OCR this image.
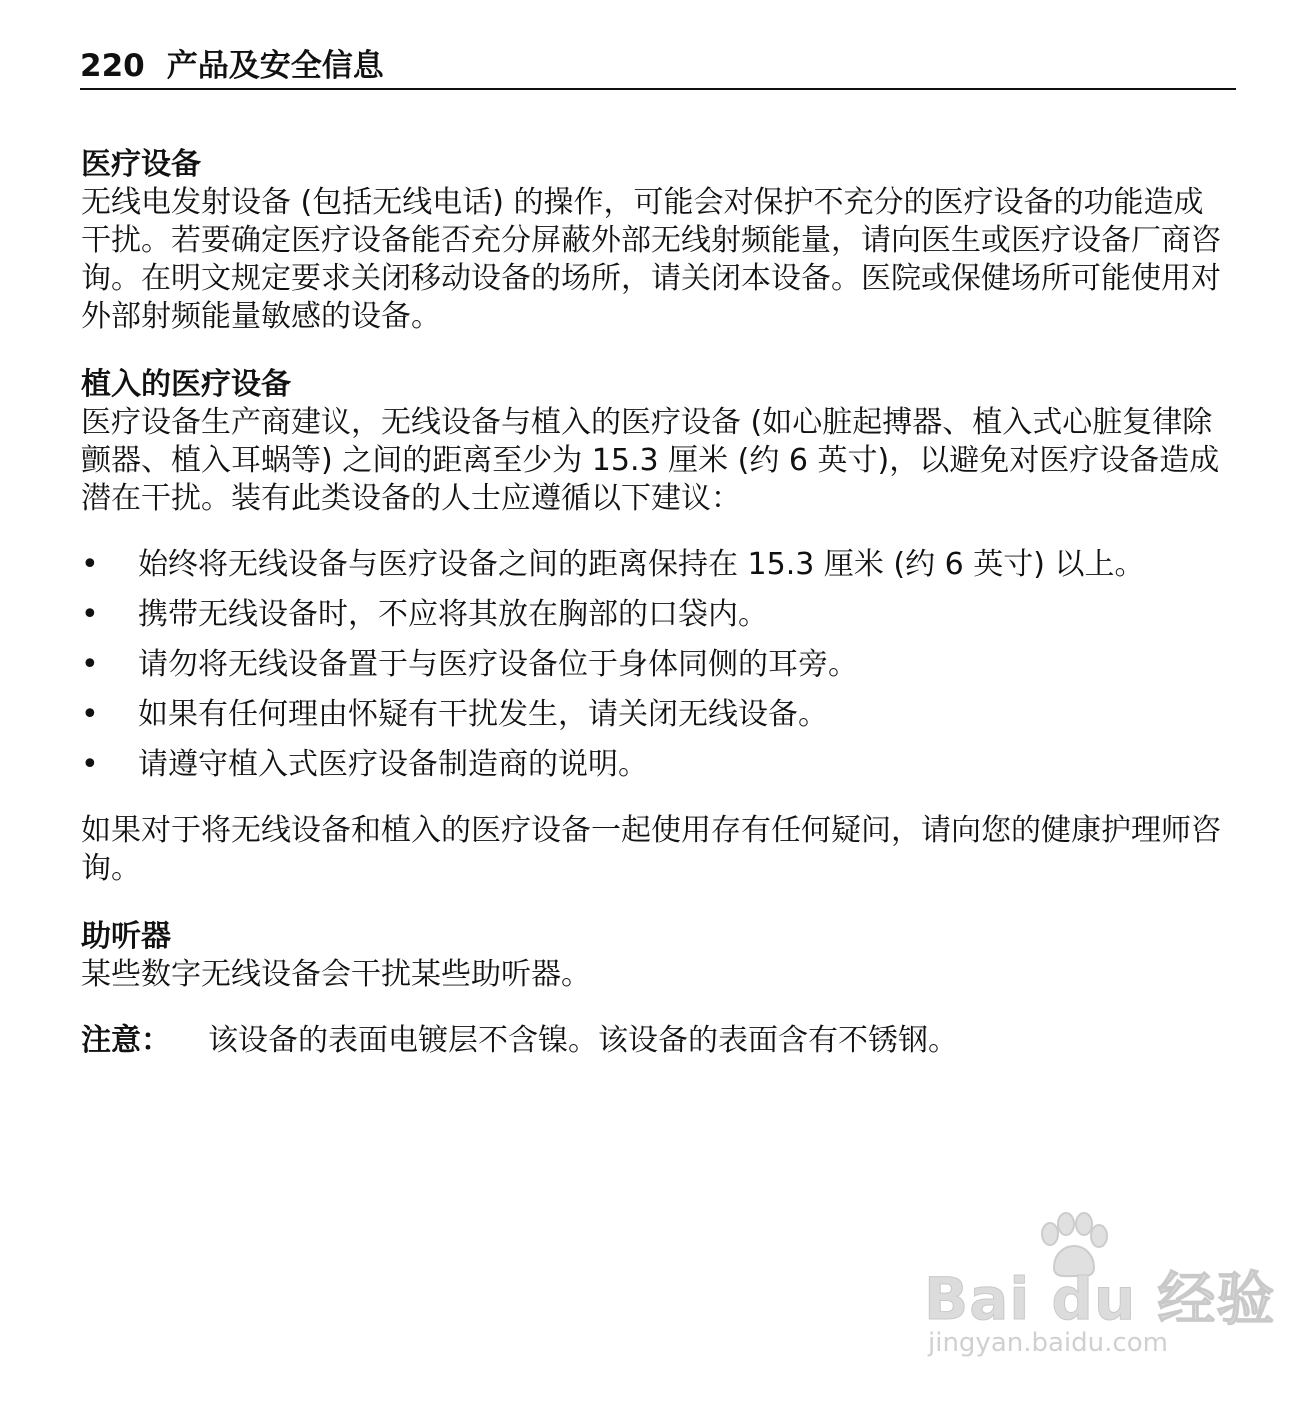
220 产品及安全信息
医疗设备

无线电发射设备 (包括无线电话) 的操作，可能会对保护不充分的医疗设备的功能造成干扰。若要确定医疗设备能否充分屏蔽外部无线射频能量，请向医生或医疗设备厂商咨询。在明文规定要求关闭移动设备的场所，请关闭本设备。医院或保健场所可能使用对外部射频能量敏感的设备。

植入的医疗设备

医疗设备生产商建议，无线设备与植入的医疗设备 (如心脏起搏器、植入式心脏复律除颤器、植入耳蜗等) 之间的距离至少为 15.3 厘米 (约 6 英寸)，以避免对医疗设备造成潜在干扰。装有此类设备的人士应遵循以下建议：

• 始终将无线设备与医疗设备之间的距离保持在 15.3 厘米 (约 6 英寸) 以上。
• 携带无线设备时，不应将其放在胸部的口袋内。
• 请勿将无线设备置于与医疗设备位于身体同侧的耳旁。
• 如果有任何理由怀疑有干扰发生，请关闭无线设备。
• 请遵守植入式医疗设备制造商的说明。

如果对于将无线设备和植入的医疗设备一起使用存有任何疑问，请向您的健康护理师咨询。

助听器

某些数字无线设备会干扰某些助听器。

注意：	该设备的表面电镀层不含镍。该设备的表面含有不锈钢。
Bai du 经验
jingyan.baidu.com
